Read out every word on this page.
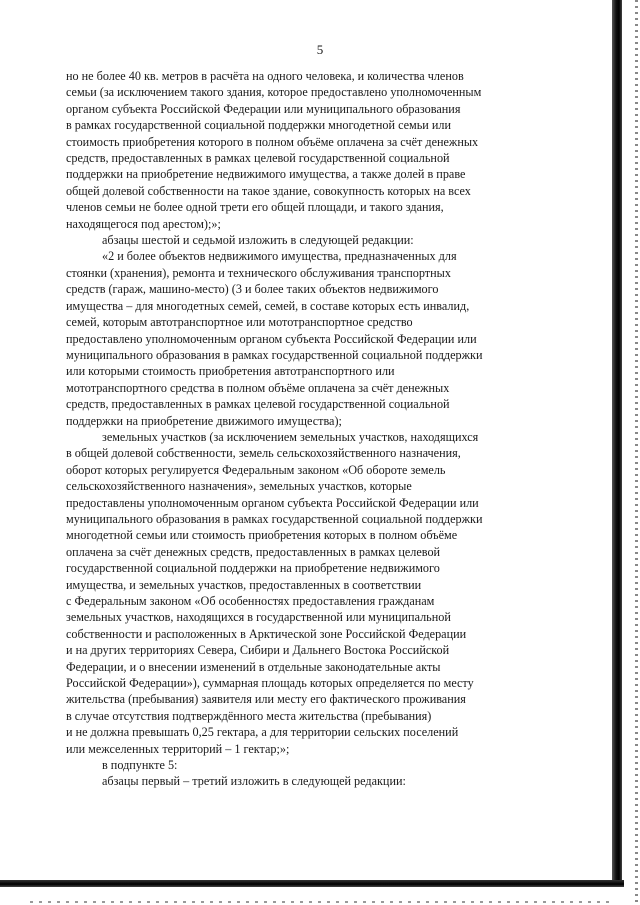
5
но не более 40 кв. метров в расчёта на одного человека, и количества членов
семьи (за исключением такого здания, которое предоставлено уполномоченным
органом субъекта Российской Федерации или муниципального образования
в рамках государственной социальной поддержки многодетной семьи или
стоимость приобретения которого в полном объёме оплачена за счёт денежных
средств, предоставленных в рамках целевой государственной социальной
поддержки на приобретение недвижимого имущества, а также долей в праве
общей долевой собственности на такое здание, совокупность которых на всех
членов семьи не более одной трети его общей площади, и такого здания,
находящегося под арестом);»;
абзацы шестой и седьмой изложить в следующей редакции:
«2 и более объектов недвижимого имущества, предназначенных для
стоянки (хранения), ремонта и технического обслуживания транспортных
средств (гараж, машино-место) (3 и более таких объектов недвижимого
имущества – для многодетных семей, семей, в составе которых есть инвалид,
семей, которым автотранспортное или мототранспортное средство
предоставлено уполномоченным органом субъекта Российской Федерации или
муниципального образования в рамках государственной социальной поддержки
или которыми стоимость приобретения автотранспортного или
мототранспортного средства в полном объёме оплачена за счёт денежных
средств, предоставленных в рамках целевой государственной социальной
поддержки на приобретение движимого имущества);
земельных участков (за исключением земельных участков, находящихся
в общей долевой собственности, земель сельскохозяйственного назначения,
оборот которых регулируется Федеральным законом «Об обороте земель
сельскохозяйственного назначения», земельных участков, которые
предоставлены уполномоченным органом субъекта Российской Федерации или
муниципального образования в рамках государственной социальной поддержки
многодетной семьи или стоимость приобретения которых в полном объёме
оплачена за счёт денежных средств, предоставленных в рамках целевой
государственной социальной поддержки на приобретение недвижимого
имущества, и земельных участков, предоставленных в соответствии
с Федеральным законом «Об особенностях предоставления гражданам
земельных участков, находящихся в государственной или муниципальной
собственности и расположенных в Арктической зоне Российской Федерации
и на других территориях Севера, Сибири и Дальнего Востока Российской
Федерации, и о внесении изменений в отдельные законодательные акты
Российской Федерации»), суммарная площадь которых определяется по месту
жительства (пребывания) заявителя или месту его фактического проживания
в случае отсутствия подтверждённого места жительства (пребывания)
и не должна превышать 0,25 гектара, а для территории сельских поселений
или межселенных территорий – 1 гектар;»;
в подпункте 5:
абзацы первый – третий изложить в следующей редакции:
